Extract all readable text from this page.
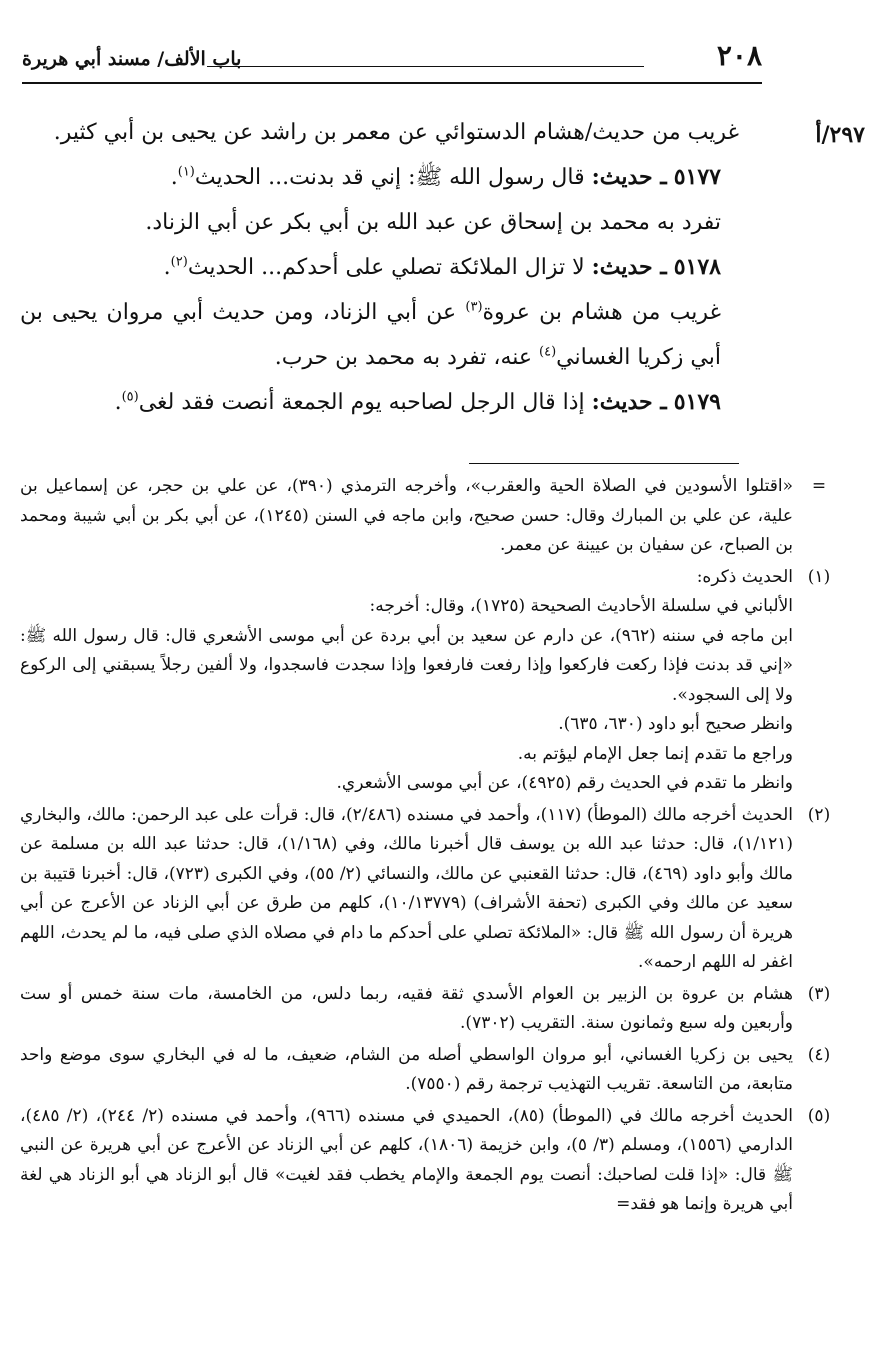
٢٠٨
باب الألف/ مسند أبي هريرة
٢٩٧/أ

غريب من حديث/هشام الدستوائي عن معمر بن راشد عن يحيى بن أبي كثير.

٥١٧٧ ـ حديث: قال رسول الله ﷺ: إني قد بدنت... الحديث$^{(١)}$.

تفرد به محمد بن إسحاق عن عبد الله بن أبي بكر عن أبي الزناد.

٥١٧٨ ـ حديث: لا تزال الملائكة تصلي على أحدكم... الحديث$^{(٢)}$.

غريب من هشام بن عروة$^{(٣)}$ عن أبي الزناد، ومن حديث أبي مروان يحيى بن أبي زكريا الغساني$^{(٤)}$ عنه، تفرد به محمد بن حرب.

٥١٧٩ ـ حديث: إذا قال الرجل لصاحبه يوم الجمعة أنصت فقد لغى$^{(٥)}$.

=

«اقتلوا الأسودين في الصلاة الحية والعقرب»، وأخرجه الترمذي (٣٩٠)، عن علي بن حجر، عن إسماعيل بن علية، عن علي بن المبارك وقال: حسن صحيح، وابن ماجه في السنن (١٢٤٥)، عن أبي بكر بن أبي شيبة ومحمد بن الصباح، عن سفيان بن عيينة عن معمر.

(١)

الحديث ذكره:

الألباني في سلسلة الأحاديث الصحيحة (١٧٢٥)، وقال: أخرجه:

ابن ماجه في سننه (٩٦٢)، عن دارم عن سعيد بن أبي بردة عن أبي موسى الأشعري قال: قال رسول الله ﷺ: «إني قد بدنت فإذا ركعت فاركعوا وإذا رفعت فارفعوا وإذا سجدت فاسجدوا، ولا ألفين رجلاً يسبقني إلى الركوع ولا إلى السجود».

وانظر صحيح أبو داود (٦٣٠، ٦٣٥).

وراجع ما تقدم إنما جعل الإمام ليؤتم به.

وانظر ما تقدم في الحديث رقم (٤٩٢٥)، عن أبي موسى الأشعري.

(٢)

الحديث أخرجه مالك (الموطأ) (١١٧)، وأحمد في مسنده (٢/٤٨٦)، قال: قرأت على عبد الرحمن: مالك، والبخاري (١/١٢١)، قال: حدثنا عبد الله بن يوسف قال أخبرنا مالك، وفي (١/١٦٨)، قال: حدثنا عبد الله بن مسلمة عن مالك وأبو داود (٤٦٩)، قال: حدثنا القعنبي عن مالك، والنسائي (٢/ ٥٥)، وفي الكبرى (٧٢٣)، قال: أخبرنا قتيبة بن سعيد عن مالك وفي الكبرى (تحفة الأشراف) (١٠/١٣٧٧٩)، كلهم من طرق عن أبي الزناد عن الأعرج عن أبي هريرة أن رسول الله ﷺ قال: «الملائكة تصلي على أحدكم ما دام في مصلاه الذي صلى فيه، ما لم يحدث، اللهم اغفر له اللهم ارحمه».

(٣)

هشام بن عروة بن الزبير بن العوام الأسدي ثقة فقيه، ربما دلس، من الخامسة، مات سنة خمس أو ست وأربعين وله سبع وثمانون سنة. التقريب (٧٣٠٢).

(٤)

يحيى بن زكريا الغساني، أبو مروان الواسطي أصله من الشام، ضعيف، ما له في البخاري سوى موضع واحد متابعة، من التاسعة. تقريب التهذيب ترجمة رقم (٧٥٥٠).

(٥)

الحديث أخرجه مالك في (الموطأ) (٨٥)، الحميدي في مسنده (٩٦٦)، وأحمد في مسنده (٢/ ٢٤٤)، (٢/ ٤٨٥)، الدارمي (١٥٥٦)، ومسلم (٣/ ٥)، وابن خزيمة (١٨٠٦)، كلهم عن أبي الزناد عن الأعرج عن أبي هريرة عن النبي ﷺ قال: «إذا قلت لصاحبك: أنصت يوم الجمعة والإمام يخطب فقد لغيت» قال أبو الزناد هي أبو الزناد هي لغة أبي هريرة وإنما هو فقد=
